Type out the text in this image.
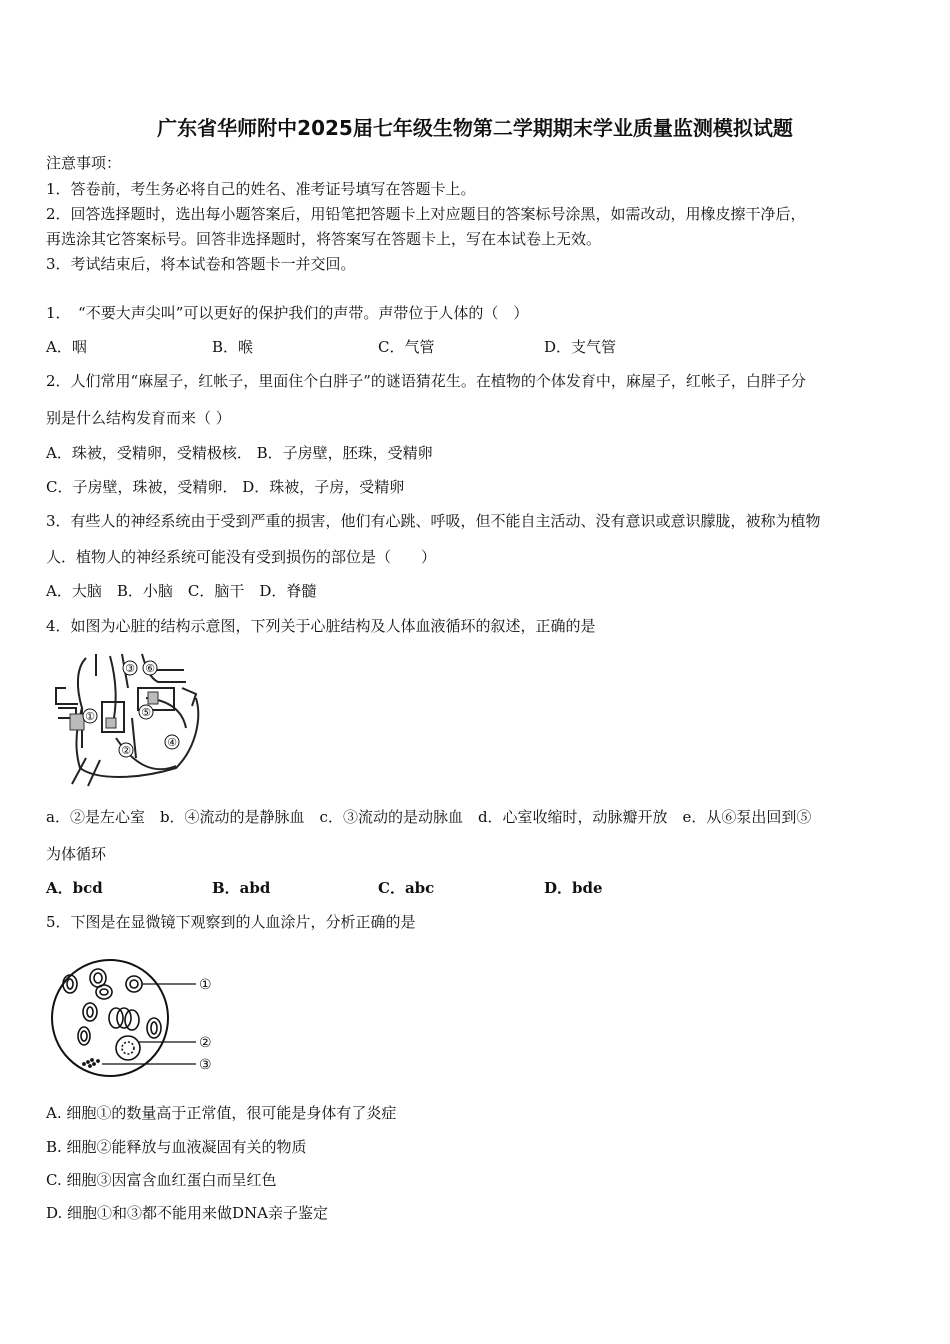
广东省华师附中2025届七年级生物第二学期期末学业质量监测模拟试题
注意事项：
1．答卷前，考生务必将自己的姓名、准考证号填写在答题卡上。
2．回答选择题时，选出每小题答案后，用铅笔把答题卡上对应题目的答案标号涂黑，如需改动，用橡皮擦干净后，
再选涂其它答案标号。回答非选择题时，将答案写在答题卡上，写在本试卷上无效。
3．考试结束后，将本试卷和答题卡一并交回。
1．　“不要大声尖叫”可以更好的保护我们的声带。声带位于人体的（　）
A．咽	B．喉	C．气管	D．支气管
2．人们常用“麻屋子，红帐子，里面住个白胖子”的谜语猜花生。在植物的个体发育中，麻屋子，红帐子，白胖子分
别是什么结构发育而来（ ）
A．珠被，受精卵，受精极核． B．子房壁，胚珠，受精卵
C．子房壁，珠被，受精卵． D．珠被，子房，受精卵
3．有些人的神经系统由于受到严重的损害，他们有心跳、呼吸，但不能自主活动、没有意识或意识朦胧，被称为植物
人．植物人的神经系统可能没有受到损伤的部位是（　　）
A．大脑　B．小脑　C．脑干　D．脊髓
4．如图为心脏的结构示意图，下列关于心脏结构及人体血液循环的叙述，正确的是
①
②
③
④
⑤
⑥
a．②是左心室　b．④流动的是静脉血　c．③流动的是动脉血　d．心室收缩时，动脉瓣开放　e．从⑥泵出回到⑤
为体循环
A．bcd	B．abd	C．abc	D．bde
5．下图是在显微镜下观察到的人血涂片，分析正确的是
①
②
③
A. 细胞①的数量高于正常值，很可能是身体有了炎症
B. 细胞②能释放与血液凝固有关的物质
C. 细胞③因富含血红蛋白而呈红色
D. 细胞①和③都不能用来做DNA亲子鉴定
